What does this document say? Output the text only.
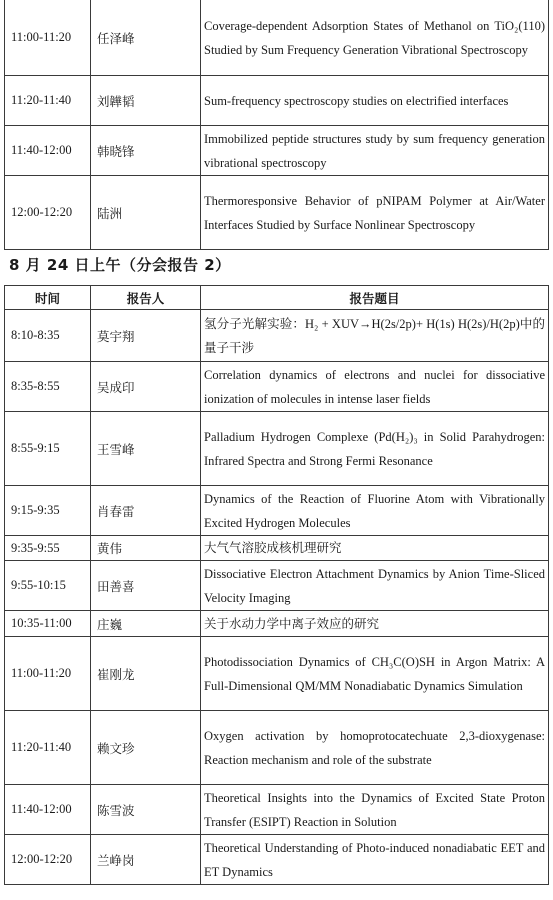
11:00-11:20	任泽峰	Coverage-dependent Adsorption States of Methanol on TiO₂(110) Studied by Sum Frequency Generation Vibrational Spectroscopy
11:20-11:40	刘韡韬	Sum-frequency spectroscopy studies on electrified interfaces
11:40-12:00	韩晓锋	Immobilized peptide structures study by sum frequency generation vibrational spectroscopy
12:00-12:20	陆洲	Thermoresponsive Behavior of pNIPAM Polymer at Air/Water Interfaces Studied by Surface Nonlinear Spectroscopy
8 月 24 日上午（分会报告 2）
时间	报告人	报告题目
8:10-8:35	莫宇翔	氢分子光解实验：H₂ + XUV→H(2s/2p)+ H(1s) H(2s)/H(2p)中的量子干涉
8:35-8:55	吴成印	Correlation dynamics of electrons and nuclei for dissociative ionization of molecules in intense laser fields
8:55-9:15	王雪峰	Palladium Hydrogen Complexe (Pd(H₂)₃ in Solid Parahydrogen: Infrared Spectra and Strong Fermi Resonance
9:15-9:35	肖春雷	Dynamics of the Reaction of Fluorine Atom with Vibrationally Excited Hydrogen Molecules
9:35-9:55	黄伟	大气气溶胶成核机理研究
9:55-10:15	田善喜	Dissociative Electron Attachment Dynamics by Anion Time-Sliced Velocity Imaging
10:35-11:00	庄巍	关于水动力学中离子效应的研究
11:00-11:20	崔刚龙	Photodissociation Dynamics of CH₃C(O)SH in Argon Matrix: A Full-Dimensional QM/MM Nonadiabatic Dynamics Simulation
11:20-11:40	赖文珍	Oxygen activation by homoprotocatechuate 2,3-dioxygenase: Reaction mechanism and role of the substrate
11:40-12:00	陈雪波	Theoretical Insights into the Dynamics of Excited State Proton Transfer (ESIPT) Reaction in Solution
12:00-12:20	兰峥岗	Theoretical Understanding of Photo-induced nonadiabatic EET and ET Dynamics
